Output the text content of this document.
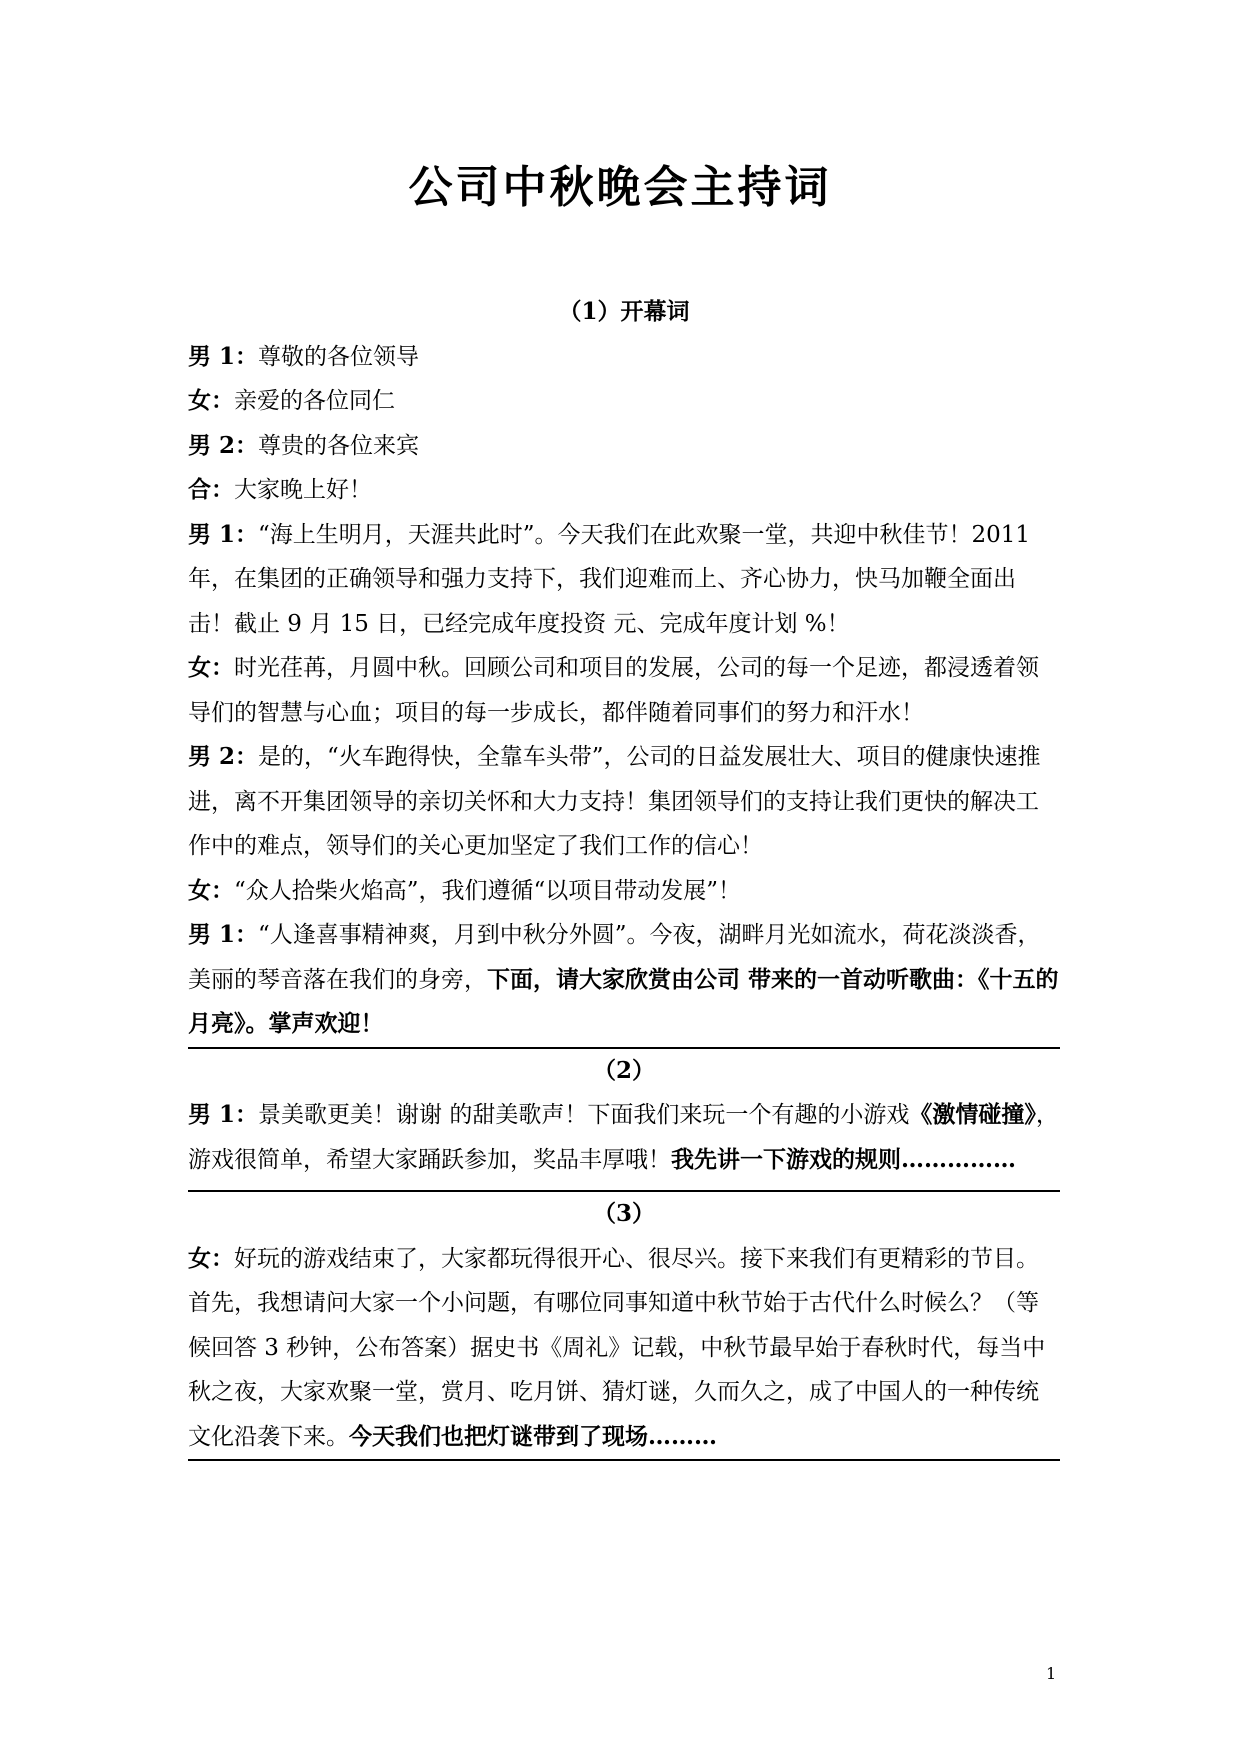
公司中秋晚会主持词

（1）开幕词

男 1：尊敬的各位领导

女：亲爱的各位同仁

男 2：尊贵的各位来宾

合：大家晚上好！

男 1：“海上生明月，天涯共此时”。今天我们在此欢聚一堂，共迎中秋佳节！2011 年，在集团的正确领导和强力支持下，我们迎难而上、齐心协力，快马加鞭全面出击！截止 9 月 15 日，已经完成年度投资 元、完成年度计划 %！

女：时光荏苒，月圆中秋。回顾公司和项目的发展，公司的每一个足迹，都浸透着领导们的智慧与心血；项目的每一步成长，都伴随着同事们的努力和汗水！

男 2：是的，“火车跑得快，全靠车头带”，公司的日益发展壮大、项目的健康快速推进，离不开集团领导的亲切关怀和大力支持！集团领导们的支持让我们更快的解决工作中的难点，领导们的关心更加坚定了我们工作的信心！

女：“众人拾柴火焰高”，我们遵循“以项目带动发展”！

男 1：“人逢喜事精神爽，月到中秋分外圆”。今夜，湖畔月光如流水，荷花淡淡香，美丽的琴音落在我们的身旁，下面，请大家欣赏由公司 带来的一首动听歌曲：《十五的月亮》。掌声欢迎！

（2）

男 1：景美歌更美！谢谢 的甜美歌声！下面我们来玩一个有趣的小游戏《激情碰撞》，游戏很简单，希望大家踊跃参加，奖品丰厚哦！我先讲一下游戏的规则……………

（3）

女：好玩的游戏结束了，大家都玩得很开心、很尽兴。接下来我们有更精彩的节目。首先，我想请问大家一个小问题，有哪位同事知道中秋节始于古代什么时候么？（等候回答 3 秒钟，公布答案）据史书《周礼》记载，中秋节最早始于春秋时代，每当中秋之夜，大家欢聚一堂，赏月、吃月饼、猜灯谜，久而久之，成了中国人的一种传统文化沿袭下来。今天我们也把灯谜带到了现场………

1
